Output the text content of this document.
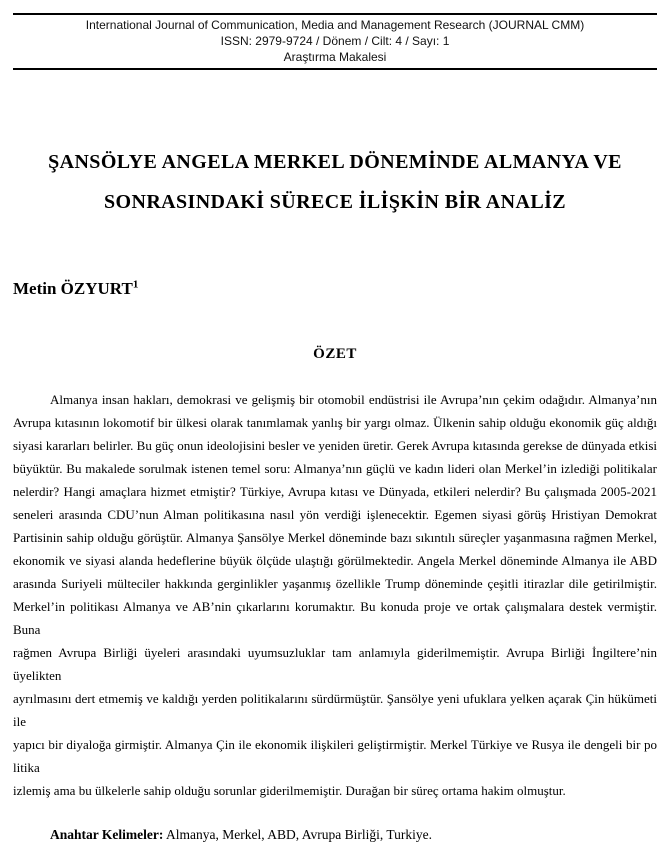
International Journal of Communication, Media and Management Research (JOURNAL CMM)
ISSN: 2979-9724 / Dönem / Cilt: 4 / Sayı: 1
Araştırma Makalesi
ŞANSÖLYE ANGELA MERKEL DÖNEMİNDE ALMANYA VE
SONRASINDAKİ SÜRECE İLİŞKİN BİR ANALİZ
Metin ÖZYURT$^1$
ÖZET
Almanya insan hakları, demokrasi ve gelişmiş bir otomobil endüstrisi ile Avrupa’nın çekim odağıdır. Almanya’nın
Avrupa kıtasının lokomotif bir ülkesi olarak tanımlamak yanlış bir yargı olmaz. Ülkenin sahip olduğu ekonomik güç aldığı
siyasi kararları belirler. Bu güç onun ideolojisini besler ve yeniden üretir. Gerek Avrupa kıtasında gerekse de dünyada etkisi
büyüktür. Bu makalede sorulmak istenen temel soru: Almanya’nın güçlü ve kadın lideri olan Merkel’in izlediği politikalar
nelerdir? Hangi amaçlara hizmet etmiştir? Türkiye, Avrupa kıtası ve Dünyada, etkileri nelerdir? Bu çalışmada 2005-2021
seneleri arasında CDU’nun Alman politikasına nasıl yön verdiği işlenecektir. Egemen siyasi görüş Hristiyan Demokrat
Partisinin sahip olduğu görüştür. Almanya Şansölye Merkel döneminde bazı sıkıntılı süreçler yaşanmasına rağmen Merkel,
ekonomik ve siyasi alanda hedeflerine büyük ölçüde ulaştığı görülmektedir. Angela Merkel döneminde Almanya ile ABD
arasında Suriyeli mülteciler hakkında gerginlikler yaşanmış özellikle Trump döneminde çeşitli itirazlar dile getirilmiştir.
Merkel’in politikası Almanya ve AB’nin çıkarlarını korumaktır. Bu konuda proje ve ortak çalışmalara destek vermiştir. Buna
rağmen Avrupa Birliği üyeleri arasındaki uyumsuzluklar tam anlamıyla giderilmemiştir. Avrupa Birliği İngiltere’nin üyelikten
ayrılmasını dert etmemiş ve kaldığı yerden politikalarını sürdürmüştür. Şansölye yeni ufuklara yelken açarak Çin hükümeti ile
yapıcı bir diyaloğa girmiştir. Almanya Çin ile ekonomik ilişkileri geliştirmiştir. Merkel Türkiye ve Rusya ile dengeli bir po litika
izlemiş ama bu ülkelerle sahip olduğu sorunlar giderilmemiştir. Durağan bir süreç ortama hakim olmuştur.

Anahtar Kelimeler: Almanya, Merkel, ABD, Avrupa Birliği, Turkiye.
